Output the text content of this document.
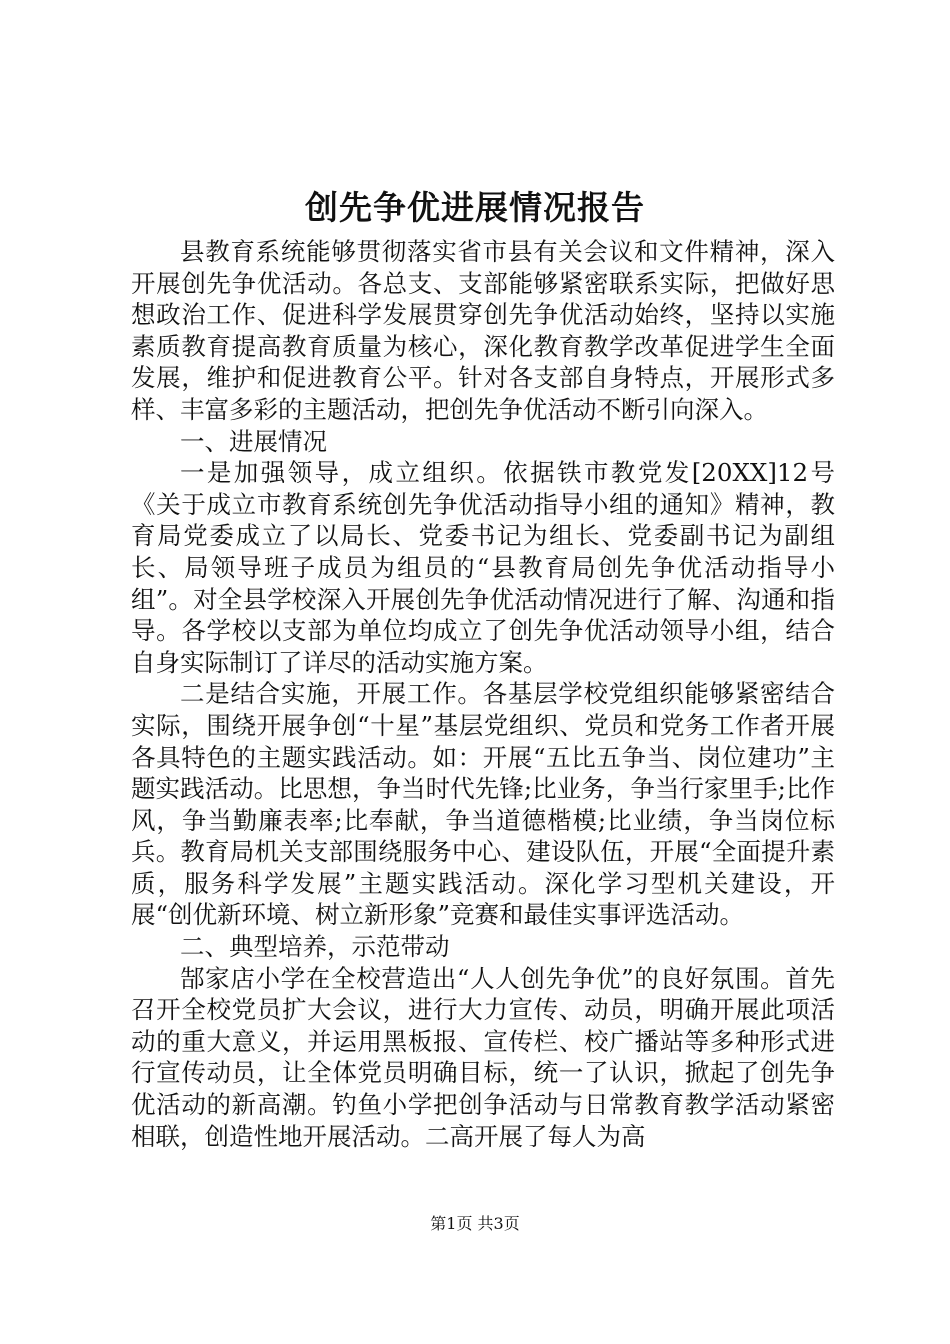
创先争优进展情况报告

县教育系统能够贯彻落实省市县有关会议和文件精神，深入开展创先争优活动。各总支、支部能够紧密联系实际，把做好思想政治工作、促进科学发展贯穿创先争优活动始终，坚持以实施素质教育提高教育质量为核心，深化教育教学改革促进学生全面发展，维护和促进教育公平。针对各支部自身特点，开展形式多样、丰富多彩的主题活动，把创先争优活动不断引向深入。

一、进展情况

一是加强领导，成立组织。依据铁市教党发[20XX]12号《关于成立市教育系统创先争优活动指导小组的通知》精神，教育局党委成立了以局长、党委书记为组长、党委副书记为副组长、局领导班子成员为组员的“县教育局创先争优活动指导小组”。对全县学校深入开展创先争优活动情况进行了解、沟通和指导。各学校以支部为单位均成立了创先争优活动领导小组，结合自身实际制订了详尽的活动实施方案。

二是结合实施，开展工作。各基层学校党组织能够紧密结合实际，围绕开展争创“十星”基层党组织、党员和党务工作者开展各具特色的主题实践活动。如：开展“五比五争当、岗位建功”主题实践活动。比思想，争当时代先锋;比业务，争当行家里手;比作风，争当勤廉表率;比奉献，争当道德楷模;比业绩，争当岗位标兵。教育局机关支部围绕服务中心、建设队伍，开展“全面提升素质，服务科学发展”主题实践活动。深化学习型机关建设，开展“创优新环境、树立新形象”竞赛和最佳实事评选活动。

二、典型培养，示范带动

郜家店小学在全校营造出“人人创先争优”的良好氛围。首先召开全校党员扩大会议，进行大力宣传、动员，明确开展此项活动的重大意义，并运用黑板报、宣传栏、校广播站等多种形式进行宣传动员，让全体党员明确目标，统一了认识，掀起了创先争优活动的新高潮。钓鱼小学把创争活动与日常教育教学活动紧密相联，创造性地开展活动。二高开展了每人为高

第1页 共3页
